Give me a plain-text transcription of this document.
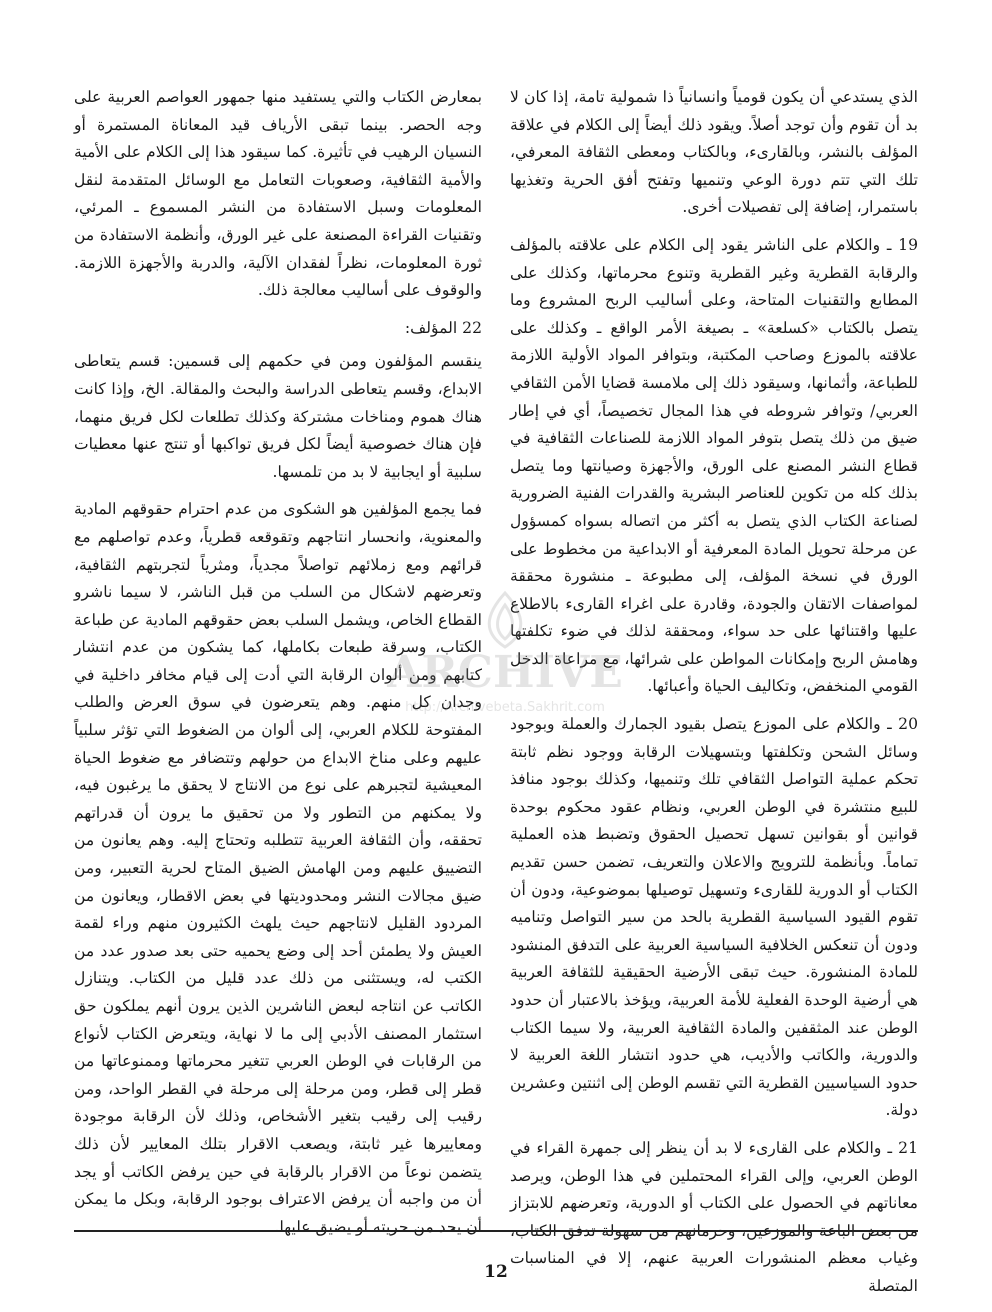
الذي يستدعي أن يكون قومياً وانسانياً ذا شمولية تامة، إذا كان لا بد أن تقوم وأن توجد أصلاً. ويقود ذلك أيضاً إلى الكلام في علاقة المؤلف بالنشر، وبالقارىء، وبالكتاب ومعطى الثقافة المعرفي، تلك التي تتم دورة الوعي وتنميها وتفتح أفق الحرية وتغذيها باستمرار، إضافة إلى تفصيلات أخرى.

19 ـ والكلام على الناشر يقود إلى الكلام على علاقته بالمؤلف والرقابة القطرية وغير القطرية وتنوع محرماتها، وكذلك على المطابع والتقنيات المتاحة، وعلى أساليب الربح المشروع وما يتصل بالكتاب «كسلعة» ـ بصيغة الأمر الواقع ـ وكذلك على علاقته بالموزع وصاحب المكتبة، وبتوافر المواد الأولية اللازمة للطباعة، وأثمانها، وسيقود ذلك إلى ملامسة قضايا الأمن الثقافي العربي/ وتوافر شروطه في هذا المجال تخصيصاً، أي في إطار ضيق من ذلك يتصل بتوفر المواد اللازمة للصناعات الثقافية في قطاع النشر المصنع على الورق، والأجهزة وصيانتها وما يتصل بذلك كله من تكوين للعناصر البشرية والقدرات الفنية الضرورية لصناعة الكتاب الذي يتصل به أكثر من اتصاله بسواه كمسؤول عن مرحلة تحويل المادة المعرفية أو الابداعية من مخطوط على الورق في نسخة المؤلف، إلى مطبوعة ـ منشورة محققة لمواصفات الاتقان والجودة، وقادرة على اغراء القارىء بالاطلاع عليها واقتنائها على حد سواء، ومحققة لذلك في ضوء تكلفتها وهامش الربح وإمكانات المواطن على شرائها، مع مراعاة الدخل القومي المنخفض، وتكاليف الحياة وأعبائها.

20 ـ والكلام على الموزع يتصل بقيود الجمارك والعملة وبوجود وسائل الشحن وتكلفتها وبتسهيلات الرقابة ووجود نظم ثابتة تحكم عملية التواصل الثقافي تلك وتنميها، وكذلك بوجود منافذ للبيع منتشرة في الوطن العربي، ونظام عقود محكوم بوحدة قوانين أو بقوانين تسهل تحصيل الحقوق وتضبط هذه العملية تماماً. وبأنظمة للترويج والاعلان والتعريف، تضمن حسن تقديم الكتاب أو الدورية للقارىء وتسهيل توصيلها بموضوعية، ودون أن تقوم القيود السياسية القطرية بالحد من سير التواصل وتناميه ودون أن تنعكس الخلافية السياسية العربية على التدفق المنشود للمادة المنشورة. حيث تبقى الأرضية الحقيقية للثقافة العربية هي أرضية الوحدة الفعلية للأمة العربية، ويؤخذ بالاعتبار أن حدود الوطن عند المثقفين والمادة الثقافية العربية، ولا سيما الكتاب والدورية، والكاتب والأديب، هي حدود انتشار اللغة العربية لا حدود السياسيين القطرية التي تقسم الوطن إلى اثنتين وعشرين دولة.

21 ـ والكلام على القارىء لا بد أن ينظر إلى جمهرة القراء في الوطن العربي، وإلى القراء المحتملين في هذا الوطن، ويرصد معاناتهم في الحصول على الكتاب أو الدورية، وتعرضهم للابتزاز من بعض الباعة والموزعين، وحرمانهم من سهولة تدفق الكتاب، وغياب معظم المنشورات العربية عنهم، إلا في المناسبات المتصلة

بمعارض الكتاب والتي يستفيد منها جمهور العواصم العربية على وجه الحصر. بينما تبقى الأرياف قيد المعاناة المستمرة أو النسيان الرهيب في تأثيرة. كما سيقود هذا إلى الكلام على الأمية والأمية الثقافية، وصعوبات التعامل مع الوسائل المتقدمة لنقل المعلومات وسبل الاستفادة من النشر المسموع ـ المرئي، وتقنيات القراءة المصنعة على غير الورق، وأنظمة الاستفادة من ثورة المعلومات، نظراً لفقدان الآلية، والدربة والأجهزة اللازمة. والوقوف على أساليب معالجة ذلك.

22 المؤلف:

ينقسم المؤلفون ومن في حكمهم إلى قسمين: قسم يتعاطى الابداع، وقسم يتعاطى الدراسة والبحث والمقالة. الخ، وإذا كانت هناك هموم ومناخات مشتركة وكذلك تطلعات لكل فريق منهما، فإن هناك خصوصية أيضاً لكل فريق تواكبها أو تنتج عنها معطيات سلبية أو ايجابية لا بد من تلمسها.

فما يجمع المؤلفين هو الشكوى من عدم احترام حقوقهم المادية والمعنوية، وانحسار انتاجهم وتقوقعه قطرياً، وعدم تواصلهم مع قرائهم ومع زملائهم تواصلاً مجدياً، ومثرياً لتجربتهم الثقافية، وتعرضهم لاشكال من السلب من قبل الناشر، لا سيما ناشرو القطاع الخاص، ويشمل السلب بعض حقوقهم المادية عن طباعة الكتاب، وسرقة طبعات بكاملها، كما يشكون من عدم انتشار كتابهم ومن ألوان الرقابة التي أدت إلى قيام مخافر داخلية في وجدان كل منهم. وهم يتعرضون في سوق العرض والطلب المفتوحة للكلام العربي، إلى ألوان من الضغوط التي تؤثر سلبياً عليهم وعلى مناخ الابداع من حولهم وتتضافر مع ضغوط الحياة المعيشية لتجبرهم على نوع من الانتاج لا يحقق ما يرغبون فيه، ولا يمكنهم من التطور ولا من تحقيق ما يرون أن قدراتهم تحققه، وأن الثقافة العربية تتطلبه وتحتاج إليه. وهم يعانون من التضييق عليهم ومن الهامش الضيق المتاح لحرية التعبير، ومن ضيق مجالات النشر ومحدوديتها في بعض الاقطار، ويعانون من المردود القليل لانتاجهم حيث يلهث الكثيرون منهم وراء لقمة العيش ولا يطمئن أحد إلى وضع يحميه حتى بعد صدور عدد من الكتب له، ويستثنى من ذلك عدد قليل من الكتاب. ويتنازل الكاتب عن انتاجه لبعض الناشرين الذين يرون أنهم يملكون حق استثمار المصنف الأدبي إلى ما لا نهاية، ويتعرض الكتاب لأنواع من الرقابات في الوطن العربي تتغير محرماتها وممنوعاتها من قطر إلى قطر، ومن مرحلة إلى مرحلة في القطر الواحد، ومن رقيب إلى رقيب بتغير الأشخاص، وذلك لأن الرقابة موجودة ومعاييرها غير ثابتة، ويصعب الاقرار بتلك المعايير لأن ذلك يتضمن نوعاً من الاقرار بالرقابة في حين يرفض الكاتب أو يجد أن من واجبه أن يرفض الاعتراف بوجود الرقابة، وبكل ما يمكن أن يحد من حريته أو يضيق عليها.

ARCHIVE
http://Archivebeta.Sakhrit.com
12
